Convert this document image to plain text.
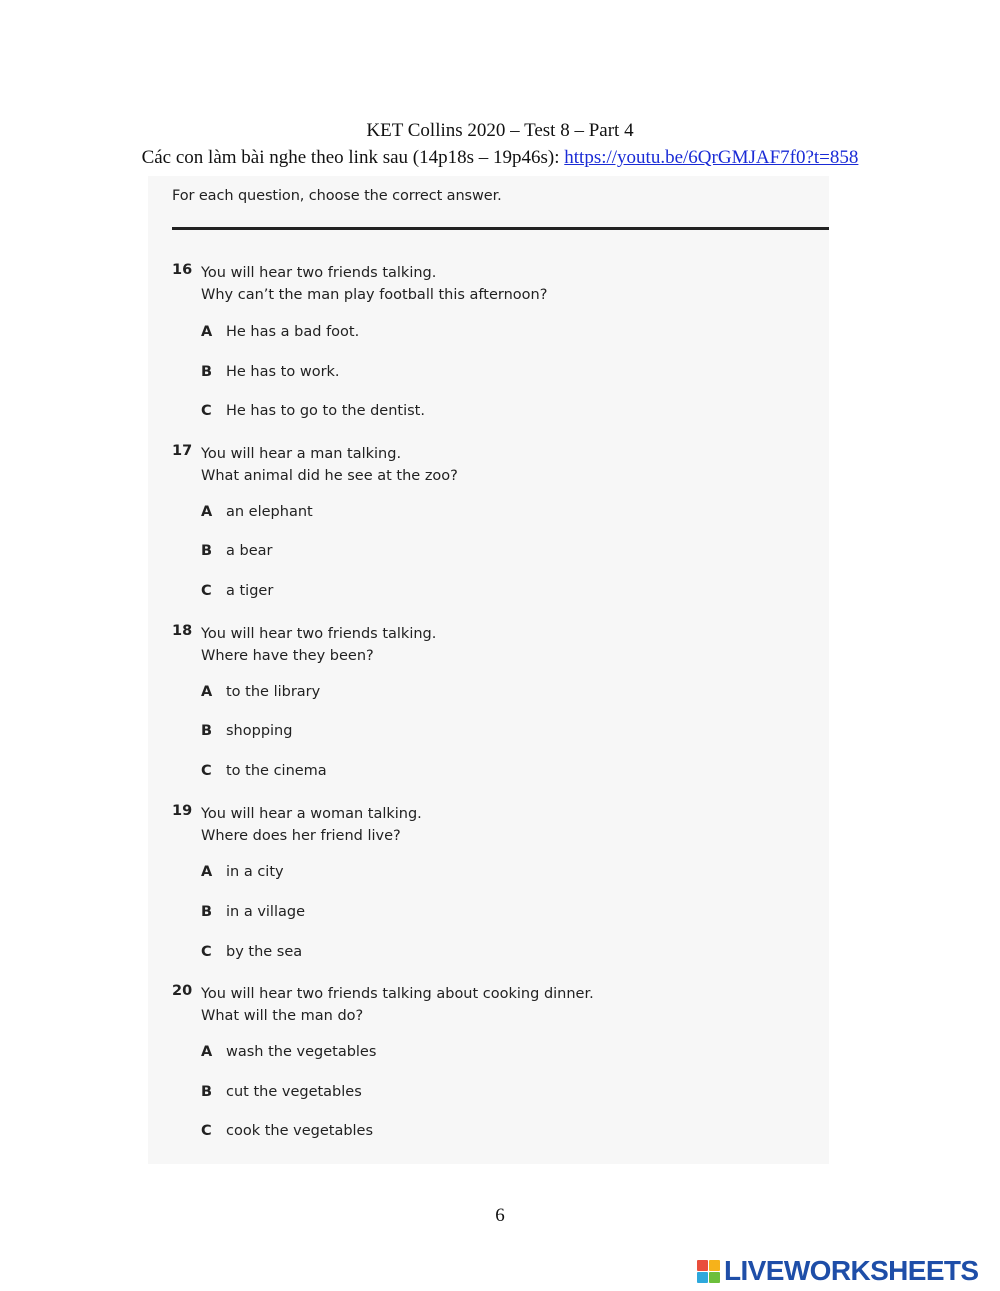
KET Collins 2020 – Test 8 – Part 4
Các con làm bài nghe theo link sau (14p18s – 19p46s): https://youtu.be/6QrGMJAF7f0?t=858
For each question, choose the correct answer.
16 You will hear two friends talking.
Why can’t the man play football this afternoon?
A He has a bad foot.
B He has to work.
C He has to go to the dentist.
17 You will hear a man talking.
What animal did he see at the zoo?
A an elephant
B a bear
C a tiger
18 You will hear two friends talking.
Where have they been?
A to the library
B shopping
C to the cinema
19 You will hear a woman talking.
Where does her friend live?
A in a city
B in a village
C by the sea
20 You will hear two friends talking about cooking dinner.
What will the man do?
A wash the vegetables
B cut the vegetables
C cook the vegetables
6
LIVEWORKSHEETS
